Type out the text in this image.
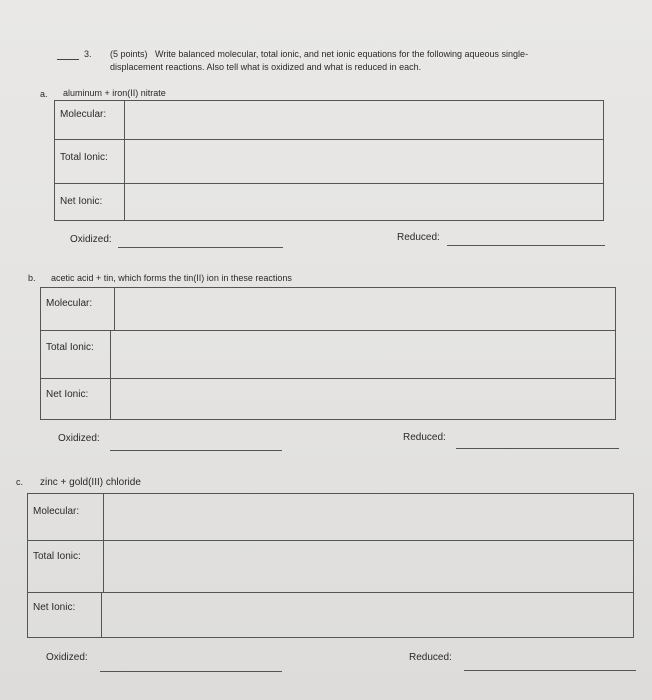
3. (5 points) Write balanced molecular, total ionic, and net ionic equations for the following aqueous single-
displacement reactions. Also tell what is oxidized and what is reduced in each.
a. aluminum + iron(II) nitrate
Molecular:
Total Ionic:
Net Ionic:
Oxidized:	Reduced:
b. acetic acid + tin, which forms the tin(II) ion in these reactions
Molecular:
Total Ionic:
Net Ionic:
Oxidized:	Reduced:
c. zinc + gold(III) chloride
Molecular:
Total Ionic:
Net Ionic:
Oxidized:	Reduced:
